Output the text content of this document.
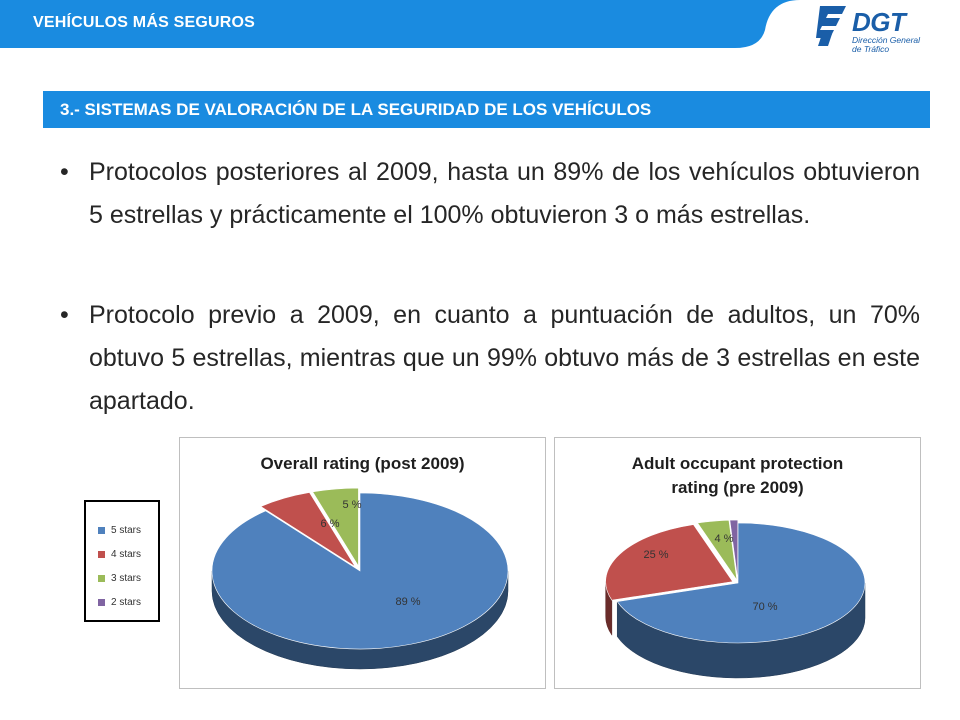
VEHÍCULOS MÁS SEGUROS	DGT
Dirección General
de Tráfico
3.- SISTEMAS DE VALORACIÓN DE LA SEGURIDAD DE LOS VEHÍCULOS
• Protocolos posteriores al 2009, hasta un 89% de los vehículos obtuvieron 5 estrellas y prácticamente el 100% obtuvieron 3 o más estrellas.
• Protocolo previo a 2009, en cuanto a puntuación de adultos, un 70% obtuvo 5 estrellas, mientras que un 99% obtuvo más de 3 estrellas en este apartado.
5 stars
4 stars
3 stars
2 stars
Overall rating (post 2009)
89 %
6 %
5 %
Adult occupant protection
rating (pre 2009)
70 %
25 %
4 %
